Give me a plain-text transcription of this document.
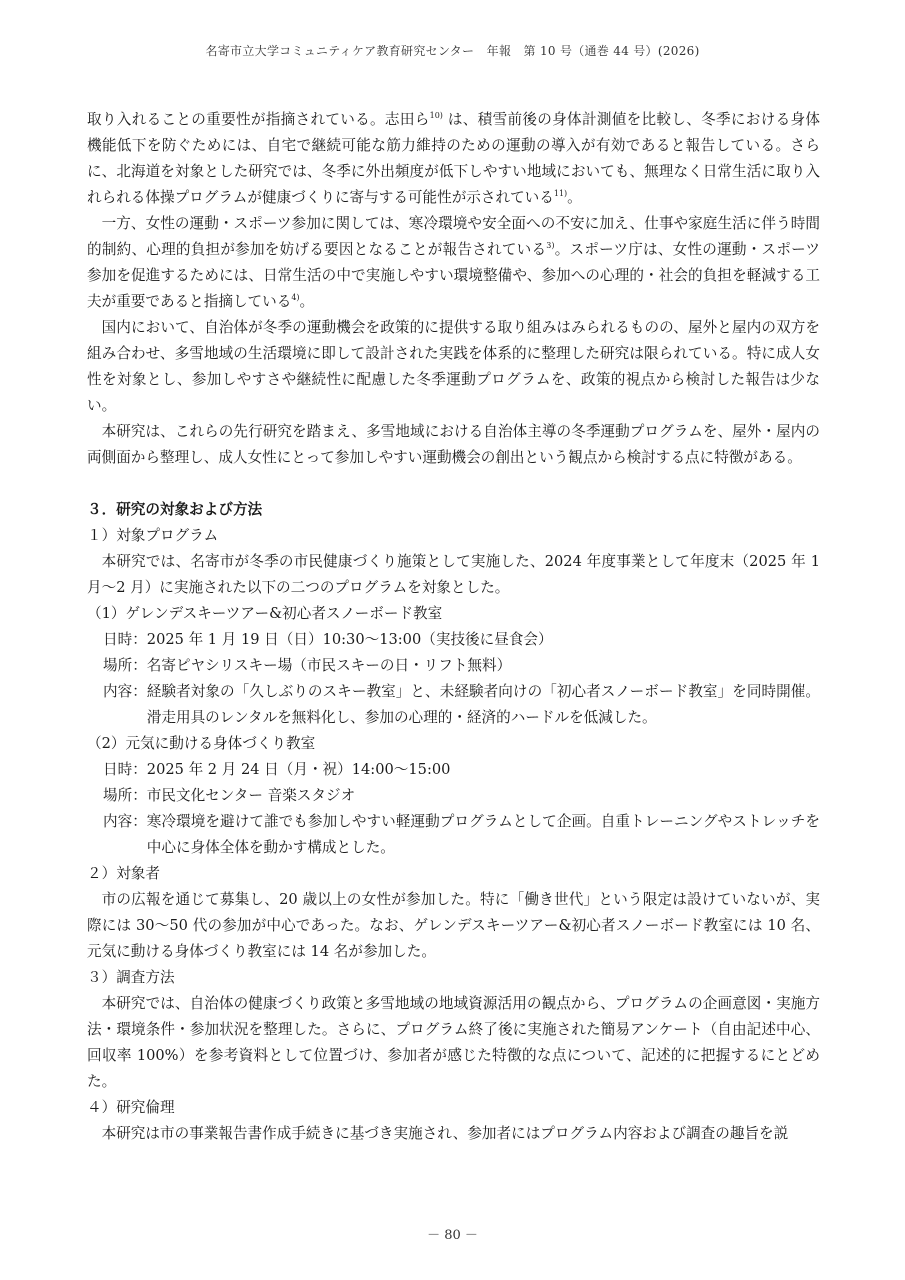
名寄市立大学コミュニティケア教育研究センター　年報　第 10 号（通巻 44 号）(2026)

取り入れることの重要性が指摘されている。志田ら$^{10)}$ は、積雪前後の身体計測値を比較し、冬季における身体機能低下を防ぐためには、自宅で継続可能な筋力維持のための運動の導入が有効であると報告している。さらに、北海道を対象とした研究では、冬季に外出頻度が低下しやすい地域においても、無理なく日常生活に取り入れられる体操プログラムが健康づくりに寄与する可能性が示されている$^{11)}$。

一方、女性の運動・スポーツ参加に関しては、寒冷環境や安全面への不安に加え、仕事や家庭生活に伴う時間的制約、心理的負担が参加を妨げる要因となることが報告されている$^{3)}$。スポーツ庁は、女性の運動・スポーツ参加を促進するためには、日常生活の中で実施しやすい環境整備や、参加への心理的・社会的負担を軽減する工夫が重要であると指摘している$^{4)}$。

国内において、自治体が冬季の運動機会を政策的に提供する取り組みはみられるものの、屋外と屋内の双方を組み合わせ、多雪地域の生活環境に即して設計された実践を体系的に整理した研究は限られている。特に成人女性を対象とし、参加しやすさや継続性に配慮した冬季運動プログラムを、政策的視点から検討した報告は少ない。

本研究は、これらの先行研究を踏まえ、多雪地域における自治体主導の冬季運動プログラムを、屋外・屋内の両側面から整理し、成人女性にとって参加しやすい運動機会の創出という観点から検討する点に特徴がある。

３．研究の対象および方法

１）対象プログラム

本研究では、名寄市が冬季の市民健康づくり施策として実施した、2024 年度事業として年度末（2025 年 1 月～2 月）に実施された以下の二つのプログラムを対象とした。

（1）ゲレンデスキーツアー&初心者スノーボード教室

日時： 2025 年 1 月 19 日（日）10:30～13:00（実技後に昼食会）
場所： 名寄ピヤシリスキー場（市民スキーの日・リフト無料）
内容： 経験者対象の「久しぶりのスキー教室」と、未経験者向けの「初心者スノーボード教室」を同時開催。滑走用具のレンタルを無料化し、参加の心理的・経済的ハードルを低減した。

（2）元気に動ける身体づくり教室

日時： 2025 年 2 月 24 日（月・祝）14:00～15:00
場所： 市民文化センター 音楽スタジオ
内容： 寒冷環境を避けて誰でも参加しやすい軽運動プログラムとして企画。自重トレーニングやストレッチを中心に身体全体を動かす構成とした。

２）対象者

市の広報を通じて募集し、20 歳以上の女性が参加した。特に「働き世代」という限定は設けていないが、実際には 30～50 代の参加が中心であった。なお、ゲレンデスキーツアー&初心者スノーボード教室には 10 名、元気に動ける身体づくり教室には 14 名が参加した。

３）調査方法

本研究では、自治体の健康づくり政策と多雪地域の地域資源活用の観点から、プログラムの企画意図・実施方法・環境条件・参加状況を整理した。さらに、プログラム終了後に実施された簡易アンケート（自由記述中心、回収率 100%）を参考資料として位置づけ、参加者が感じた特徴的な点について、記述的に把握するにとどめた。

４）研究倫理

本研究は市の事業報告書作成手続きに基づき実施され、参加者にはプログラム内容および調査の趣旨を説

－ 80 －
